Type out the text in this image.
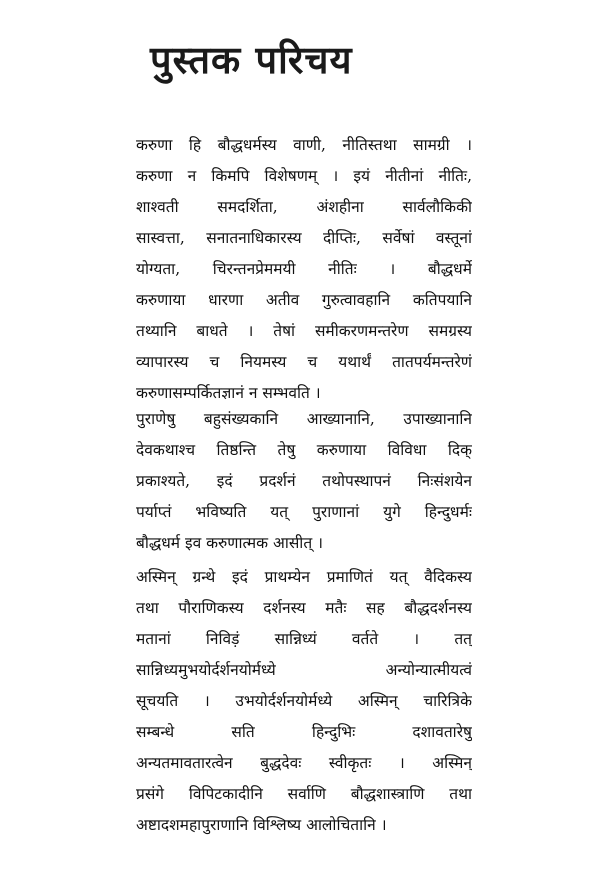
पुस्तक परिचय
करुणा हि बौद्धधर्मस्य वाणी, नीतिस्तथा सामग्री ।
करुणा न किमपि विशेषणम् । इयं नीतीनां नीतिः,
शाश्वती समदर्शिता, अंशहीना सार्वलौकिकी
सास्वत्ता, सनातनाधिकारस्य दीप्तिः, सर्वेषां वस्तूनां
योग्यता, चिरन्तनप्रेममयी नीतिः । बौद्धधर्मे
करुणाया धारणा अतीव गुरुत्वावहानि कतिपयानि
तथ्यानि बाधते । तेषां समीकरणमन्तरेण समग्रस्य
व्यापारस्य च नियमस्य च यथार्थं तातपर्यमन्तरेणं
करुणासम्पर्कितज्ञानं न सम्भवति ।
पुराणेषु बहुसंख्यकानि आख्यानानि, उपाख्यानानि
देवकथाश्च तिष्ठन्ति तेषु करुणाया विविधा दिक्
प्रकाश्यते, इदं प्रदर्शनं तथोपस्थापनं निःसंशयेन
पर्याप्तं भविष्यति यत् पुराणानां युगे हिन्दुधर्मः
बौद्धधर्म इव करुणात्मक आसीत् ।
अस्मिन् ग्रन्थे इदं प्राथम्येन प्रमाणितं यत् वैदिकस्य
तथा पौराणिकस्य दर्शनस्य मतैः सह बौद्धदर्शनस्य
मतानां निविड़ं सान्निध्यं वर्तते । तत्
सान्निध्यमुभयोर्दर्शनयोर्मध्ये अन्योन्यात्मीयत्वं
सूचयति । उभयोर्दर्शनयोर्मध्ये अस्मिन् चारित्रिके
सम्बन्धे सति हिन्दुभिः दशावतारेषु
अन्यतमावतारत्वेन बुद्धदेवः स्वीकृतः । अस्मिन्
प्रसंगे विपिटकादीनि सर्वाणि बौद्धशास्त्राणि तथा
अष्टादशमहापुराणानि विश्लिष्य आलोचितानि ।
